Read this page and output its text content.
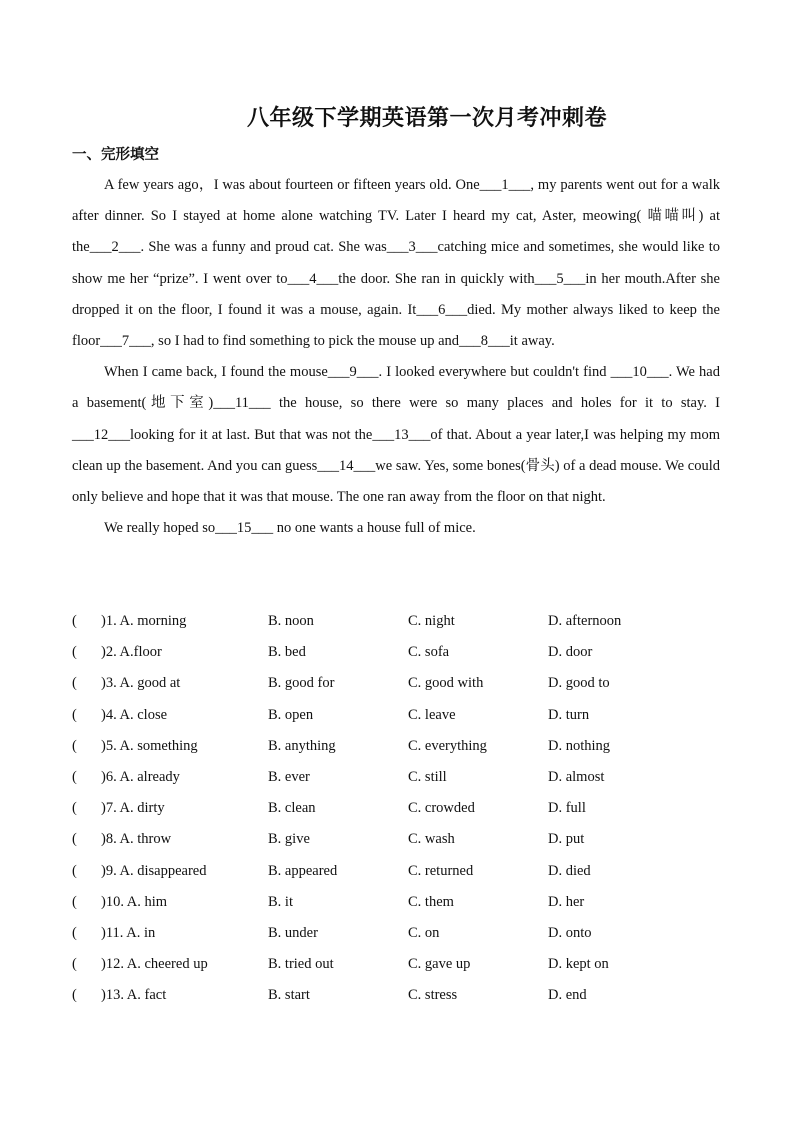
八年级下学期英语第一次月考冲刺卷
一、完形填空

A few years ago，I was about fourteen or fifteen years old. One___1___, my parents went out for a walk after dinner. So I stayed at home alone watching TV. Later I heard my cat, Aster, meowing( 喵喵叫) at the___2___. She was a funny and proud cat. She was___3___catching mice and sometimes, she would like to show me her “prize”. I went over to___4___the door. She ran in quickly with___5___in her mouth.After she dropped it on the floor, I found it was a mouse, again. It___6___died. My mother always liked to keep the floor___7___, so I had to find something to pick the mouse up and___8___it away.

When I came back, I found the mouse___9___. I looked everywhere but couldn't find ___10___. We had a basement(地下室)___11___ the house, so there were so many places and holes for it to stay. I ___12___looking for it at last. But that was not the___13___of that. About a year later,I was helping my mom clean up the basement. And you can guess___14___we saw. Yes, some bones(骨头) of a dead mouse. We could only believe and hope that it was that mouse. The one ran away from the floor on that night.

We really hoped so___15___ no one wants a house full of mice.

( )1. A. morning	B. noon	C. night	D. afternoon
( )2. A.floor	B. bed	C. sofa	D. door
( )3. A. good at	B. good for	C. good with	D. good to
( )4. A. close	B. open	C. leave	D. turn
( )5. A. something	B. anything	C. everything	D. nothing
( )6. A. already	B. ever	C. still	D. almost
( )7. A. dirty	B. clean	C. crowded	D. full
( )8. A. throw	B. give	C. wash	D. put
( )9. A. disappeared	B. appeared	C. returned	D. died
( )10. A. him	B. it	C. them	D. her
( )11. A. in	B. under	C. on	D. onto
( )12. A. cheered up	B. tried out	C. gave up	D. kept on
( )13. A. fact	B. start	C. stress	D. end
